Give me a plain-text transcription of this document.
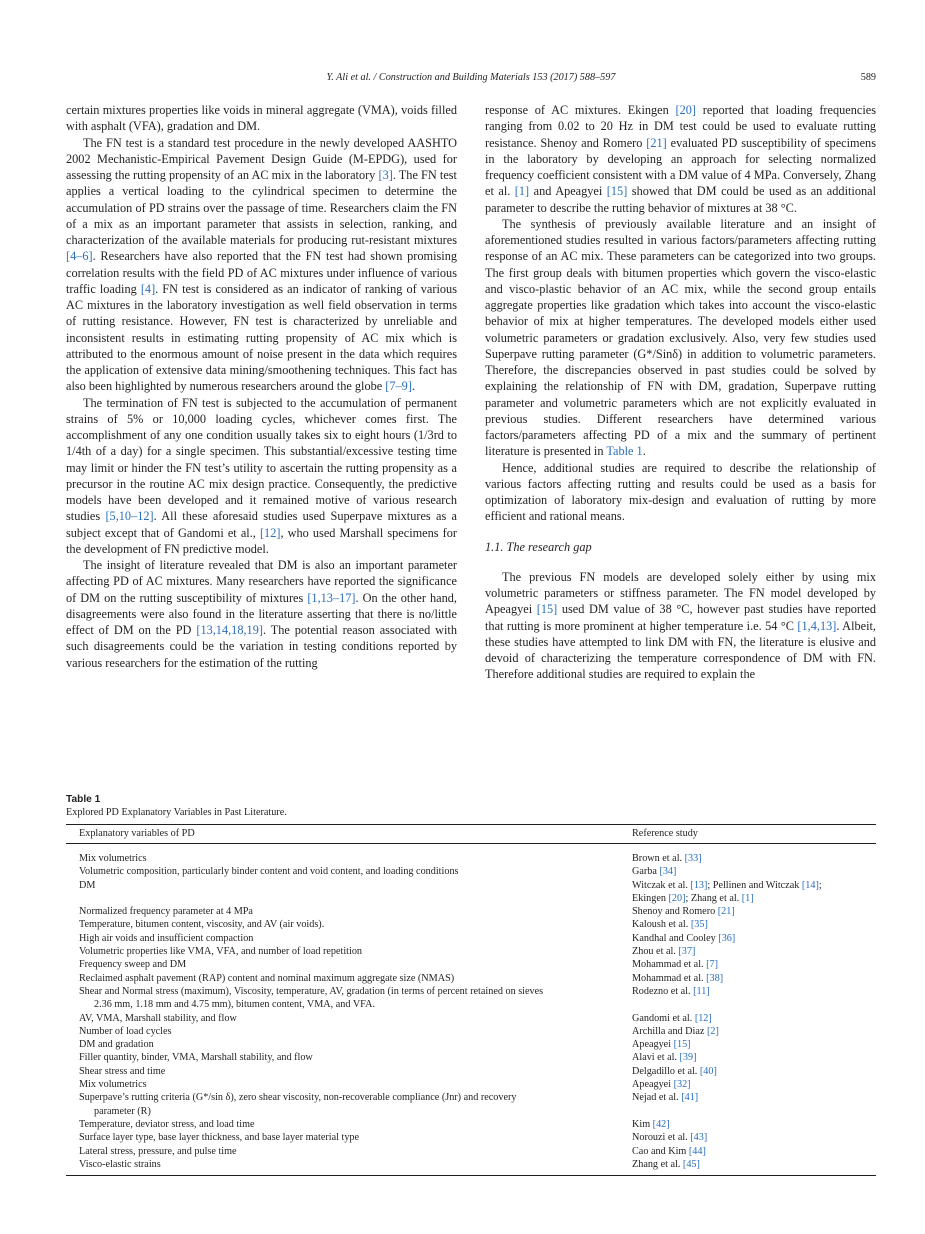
Y. Ali et al. / Construction and Building Materials 153 (2017) 588–597	589

certain mixtures properties like voids in mineral aggregate (VMA), voids filled with asphalt (VFA), gradation and DM.

The FN test is a standard test procedure in the newly developed AASHTO 2002 Mechanistic-Empirical Pavement Design Guide (M-EPDG), used for assessing the rutting propensity of an AC mix in the laboratory [3]. The FN test applies a vertical loading to the cylindrical specimen to determine the accumulation of PD strains over the passage of time. Researchers claim the FN of a mix as an important parameter that assists in selection, ranking, and characterization of the available materials for producing rut-resistant mixtures [4–6]. Researchers have also reported that the FN test had shown promising correlation results with the field PD of AC mixtures under influence of various traffic loading [4]. FN test is considered as an indicator of ranking of various AC mixtures in the laboratory investigation as well field observation in terms of rutting resistance. However, FN test is characterized by unreliable and inconsistent results in estimating rutting propensity of AC mix which is attributed to the enormous amount of noise present in the data which requires the application of extensive data mining/smoothening techniques. This fact has also been highlighted by numerous researchers around the globe [7–9].

The termination of FN test is subjected to the accumulation of permanent strains of 5% or 10,000 loading cycles, whichever comes first. The accomplishment of any one condition usually takes six to eight hours (1/3rd to 1/4th of a day) for a single specimen. This substantial/excessive testing time may limit or hinder the FN test’s utility to ascertain the rutting propensity as a precursor in the routine AC mix design practice. Consequently, the predictive models have been developed and it remained motive of various research studies [5,10–12]. All these aforesaid studies used Superpave mixtures as a subject except that of Gandomi et al., [12], who used Marshall specimens for the development of FN predictive model.

The insight of literature revealed that DM is also an important parameter affecting PD of AC mixtures. Many researchers have reported the significance of DM on the rutting susceptibility of mixtures [1,13–17]. On the other hand, disagreements were also found in the literature asserting that there is no/little effect of DM on the PD [13,14,18,19]. The potential reason associated with such disagreements could be the variation in testing conditions reported by various researchers for the estimation of the rutting

response of AC mixtures. Ekingen [20] reported that loading frequencies ranging from 0.02 to 20 Hz in DM test could be used to evaluate rutting resistance. Shenoy and Romero [21] evaluated PD susceptibility of specimens in the laboratory by developing an approach for selecting normalized frequency coefficient consistent with a DM value of 4 MPa. Conversely, Zhang et al. [1] and Apeagyei [15] showed that DM could be used as an additional parameter to describe the rutting behavior of mixtures at 38 °C.

The synthesis of previously available literature and an insight of aforementioned studies resulted in various factors/parameters affecting rutting response of an AC mix. These parameters can be categorized into two groups. The first group deals with bitumen properties which govern the visco-elastic and visco-plastic behavior of an AC mix, while the second group entails aggregate properties like gradation which takes into account the visco-elastic behavior of mix at higher temperatures. The developed models either used volumetric parameters or gradation exclusively. Also, very few studies used Superpave rutting parameter (G*/Sinδ) in addition to volumetric parameters. Therefore, the discrepancies observed in past studies could be solved by explaining the relationship of FN with DM, gradation, Superpave rutting parameter and volumetric parameters which are not explicitly evaluated in previous studies. Different researchers have determined various factors/parameters affecting PD of a mix and the summary of pertinent literature is presented in Table 1.

Hence, additional studies are required to describe the relationship of various factors affecting rutting and results could be used as a basis for optimization of laboratory mix-design and evaluation of rutting by more efficient and rational means.

1.1. The research gap

The previous FN models are developed solely either by using mix volumetric parameters or stiffness parameter. The FN model developed by Apeagyei [15] used DM value of 38 °C, however past studies have reported that rutting is more prominent at higher temperature i.e. 54 °C [1,4,13]. Albeit, these studies have attempted to link DM with FN, the literature is elusive and devoid of characterizing the temperature correspondence of DM with FN. Therefore additional studies are required to explain the

Table 1
Explored PD Explanatory Variables in Past Literature.
Explanatory variables of PD	Reference study
Mix volumetrics	Brown et al. [33]
Volumetric composition, particularly binder content and void content, and loading conditions	Garba [34]
DM	Witczak et al. [13]; Pellinen and Witczak [14];
Ekingen [20]; Zhang et al. [1]
Normalized frequency parameter at 4 MPa	Shenoy and Romero [21]
Temperature, bitumen content, viscosity, and AV (air voids).	Kaloush et al. [35]
High air voids and insufficient compaction	Kandhal and Cooley [36]
Volumetric properties like VMA, VFA, and number of load repetition	Zhou et al. [37]
Frequency sweep and DM	Mohammad et al. [7]
Reclaimed asphalt pavement (RAP) content and nominal maximum aggregate size (NMAS)	Mohammad et al. [38]
Shear and Normal stress (maximum), Viscosity, temperature, AV, gradation (in terms of percent retained on sieves
2.36 mm, 1.18 mm and 4.75 mm), bitumen content, VMA, and VFA.	Rodezno et al. [11]
AV, VMA, Marshall stability, and flow	Gandomi et al. [12]
Number of load cycles	Archilla and Diaz [2]
DM and gradation	Apeagyei [15]
Filler quantity, binder, VMA, Marshall stability, and flow	Alavi et al. [39]
Shear stress and time	Delgadillo et al. [40]
Mix volumetrics	Apeagyei [32]
Superpave’s rutting criteria (G*/sin δ), zero shear viscosity, non-recoverable compliance (Jnr) and recovery
parameter (R)	Nejad et al. [41]
Temperature, deviator stress, and load time	Kim [42]
Surface layer type, base layer thickness, and base layer material type	Norouzi et al. [43]
Lateral stress, pressure, and pulse time	Cao and Kim [44]
Visco-elastic strains	Zhang et al. [45]
